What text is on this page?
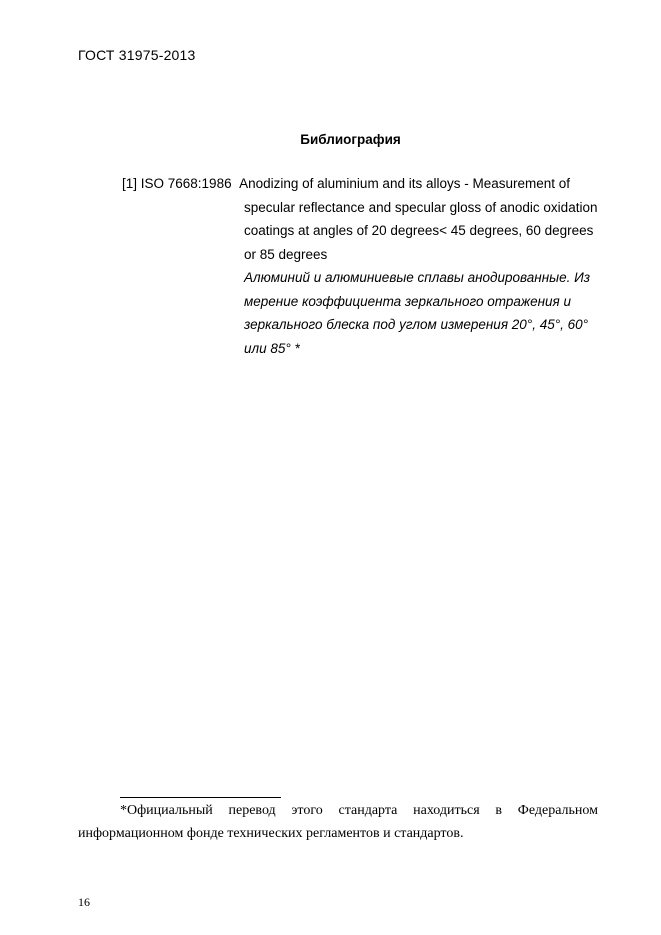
ГОСТ 31975-2013
Библиография
[1] ISO 7668:1986 Anodizing of aluminium and its alloys - Measurement of
specular reflectance and specular gloss of anodic oxidation
coatings at angles of 20 degrees< 45 degrees, 60 degrees
or 85 degrees
Алюминий и алюминиевые сплавы анодированные. Из
мерение коэффициента зеркального отражения и
зеркального блеска под углом измерения 20°, 45°, 60°
или 85° *
*Официальный перевод этого стандарта находиться в Федеральном
информационном фонде технических регламентов и стандартов.
16
